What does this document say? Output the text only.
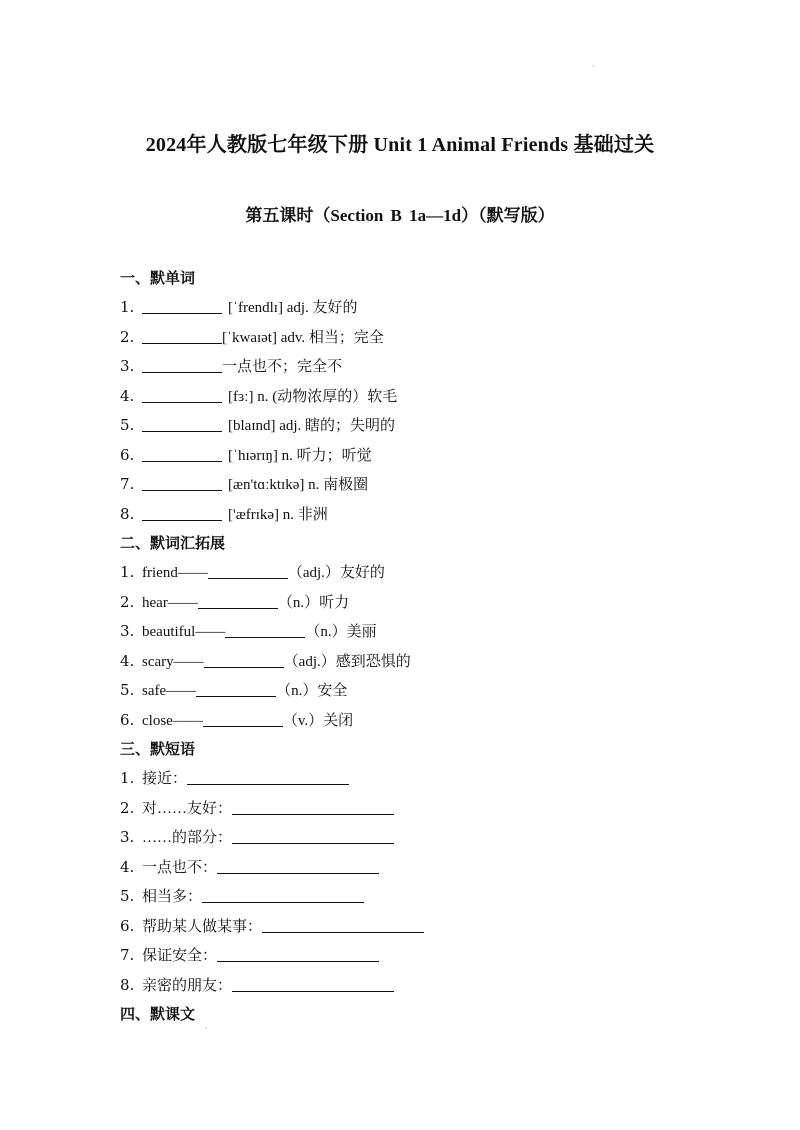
·
2024年人教版七年级下册 Unit 1 Animal Friends 基础过关
第五课时（Section B 1a—1d）（默写版）
一、默单词
1.	[ˈfrendlɪ] adj. 友好的
2.	[ˈkwaɪət] adv. 相当；完全
3.	一点也不；完全不
4.	[fɜː] n. (动物浓厚的）软毛
5.	[blaɪnd] adj. 瞎的；失明的
6.	[ˈhɪərɪŋ] n. 听力；听觉
7.	[æn'tɑːktɪkə] n. 南极圈
8.	['æfrɪkə] n. 非洲
二、默词汇拓展
1. friend——	（adj.）友好的
2. hear——	（n.）听力
3. beautiful——	（n.）美丽
4. scary——	（adj.）感到恐惧的
5. safe——	（n.）安全
6. close——	（v.）关闭
三、默短语
1. 接近：
2. 对……友好：
3. ……的部分：
4. 一点也不：
5. 相当多：
6. 帮助某人做某事：
7. 保证安全：
8. 亲密的朋友：
四、默课文
·
